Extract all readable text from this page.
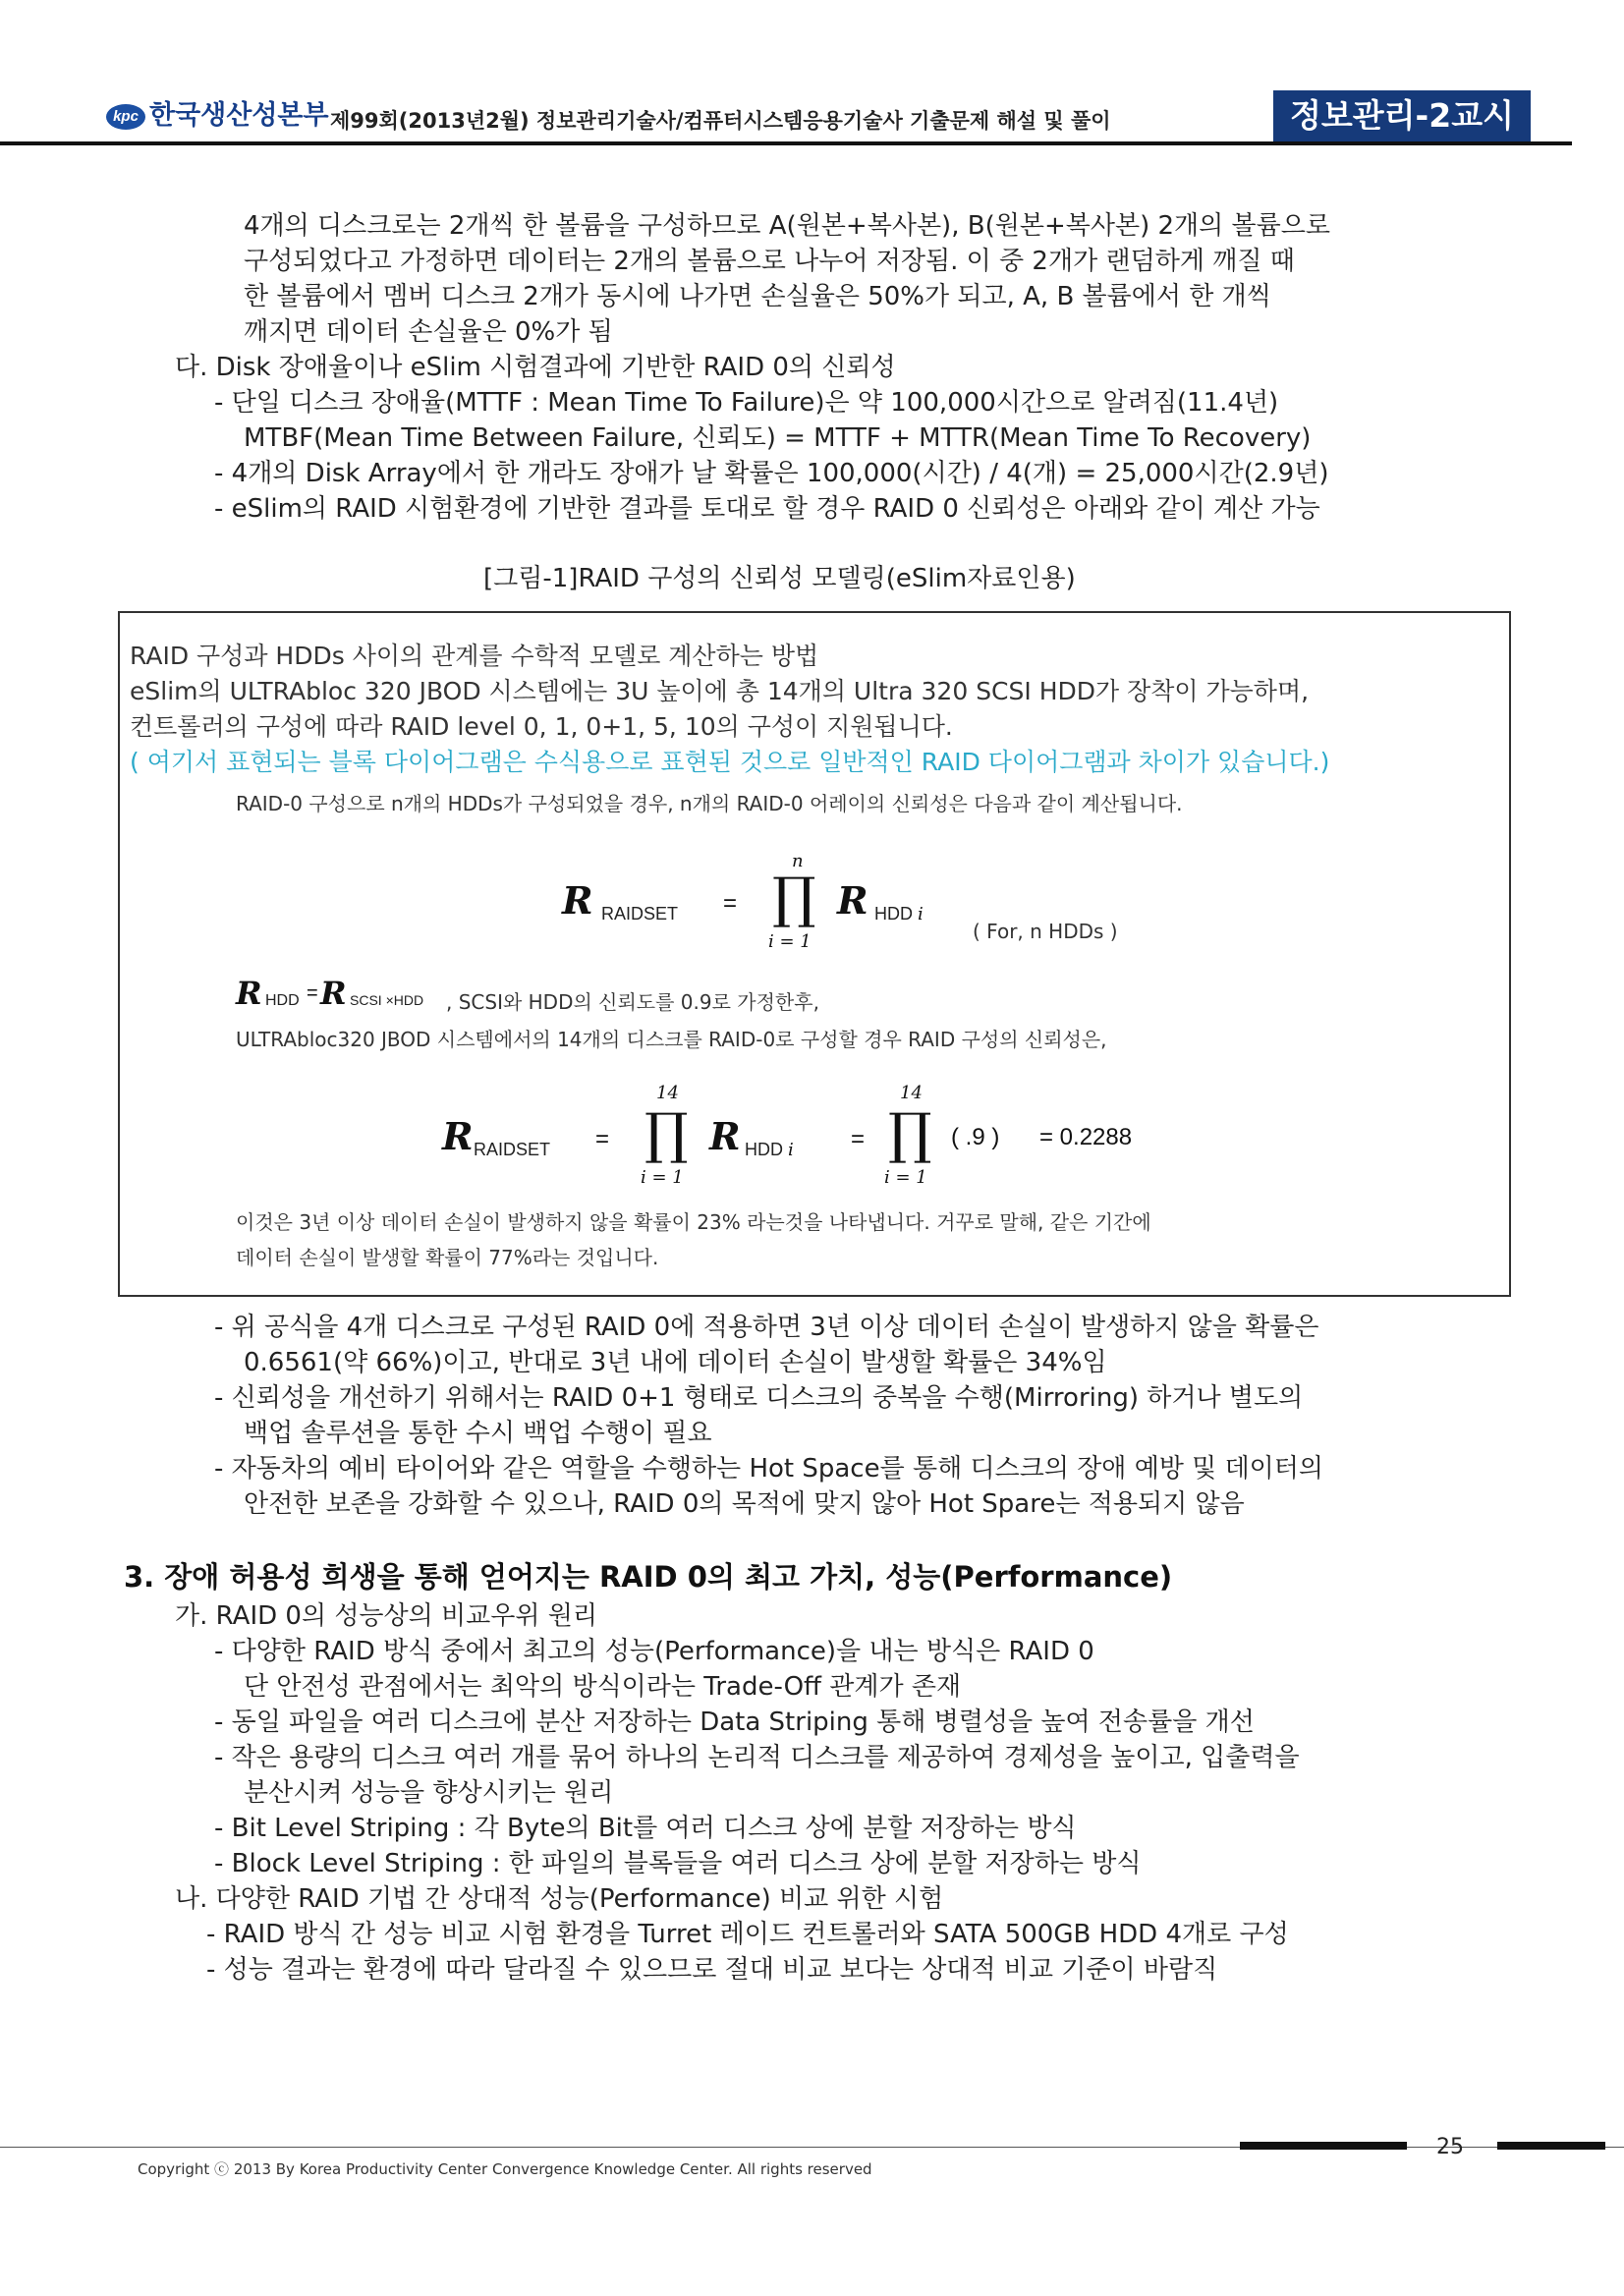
kpc 한국생산성본부 제99회(2013년2월) 정보관리기술사/컴퓨터시스템응용기술사 기출문제 해설 및 풀이	정보관리-2교시
4개의 디스크로는 2개씩 한 볼륨을 구성하므로 A(원본+복사본), B(원본+복사본) 2개의 볼륨으로
구성되었다고 가정하면 데이터는 2개의 볼륨으로 나누어 저장됨. 이 중 2개가 랜덤하게 깨질 때
한 볼륨에서 멤버 디스크 2개가 동시에 나가면 손실율은 50%가 되고, A, B 볼륨에서 한 개씩
깨지면 데이터 손실율은 0%가 됨
다. Disk 장애율이나 eSlim 시험결과에 기반한 RAID 0의 신뢰성
- 단일 디스크 장애율(MTTF : Mean Time To Failure)은 약 100,000시간으로 알려짐(11.4년)
MTBF(Mean Time Between Failure, 신뢰도) = MTTF + MTTR(Mean Time To Recovery)
- 4개의 Disk Array에서 한 개라도 장애가 날 확률은 100,000(시간) / 4(개) = 25,000시간(2.9년)
- eSlim의 RAID 시험환경에 기반한 결과를 토대로 할 경우 RAID 0 신뢰성은 아래와 같이 계산 가능
[그림-1]RAID 구성의 신뢰성 모델링(eSlim자료인용)
RAID 구성과 HDDs 사이의 관계를 수학적 모델로 계산하는 방법
eSlim의 ULTRAbloc 320 JBOD 시스템에는 3U 높이에 총 14개의 Ultra 320 SCSI HDD가 장착이 가능하며,
컨트롤러의 구성에 따라 RAID level 0, 1, 0+1, 5, 10의 구성이 지원됩니다.
( 여기서 표현되는 블록 다이어그램은 수식용으로 표현된 것으로 일반적인 RAID 다이어그램과 차이가 있습니다.)
RAID-0 구성으로 n개의 HDDs가 구성되었을 경우, n개의 RAID-0 어레이의 신뢰성은 다음과 같이 계산됩니다.
R RAIDSET =
n
∏
i = 1
R HDD i
( For, n HDDs )
R HDD = R SCSI ×HDD , SCSI와 HDD의 신뢰도를 0.9로 가정한후,
ULTRAbloc320 JBOD 시스템에서의 14개의 디스크를 RAID-0로 구성할 경우 RAID 구성의 신뢰성은,
R RAIDSET =
14
∏
i = 1
R HDD i =
14
∏
i = 1
( .9 ) = 0.2288
이것은 3년 이상 데이터 손실이 발생하지 않을 확률이 23% 라는것을 나타냅니다. 거꾸로 말해, 같은 기간에
데이터 손실이 발생할 확률이 77%라는 것입니다.
- 위 공식을 4개 디스크로 구성된 RAID 0에 적용하면 3년 이상 데이터 손실이 발생하지 않을 확률은
0.6561(약 66%)이고, 반대로 3년 내에 데이터 손실이 발생할 확률은 34%임
- 신뢰성을 개선하기 위해서는 RAID 0+1 형태로 디스크의 중복을 수행(Mirroring) 하거나 별도의
백업 솔루션을 통한 수시 백업 수행이 필요
- 자동차의 예비 타이어와 같은 역할을 수행하는 Hot Space를 통해 디스크의 장애 예방 및 데이터의
안전한 보존을 강화할 수 있으나, RAID 0의 목적에 맞지 않아 Hot Spare는 적용되지 않음
3. 장애 허용성 희생을 통해 얻어지는 RAID 0의 최고 가치, 성능(Performance)
가. RAID 0의 성능상의 비교우위 원리
- 다양한 RAID 방식 중에서 최고의 성능(Performance)을 내는 방식은 RAID 0
단 안전성 관점에서는 최악의 방식이라는 Trade-Off 관계가 존재
- 동일 파일을 여러 디스크에 분산 저장하는 Data Striping 통해 병렬성을 높여 전송률을 개선
- 작은 용량의 디스크 여러 개를 묶어 하나의 논리적 디스크를 제공하여 경제성을 높이고, 입출력을
분산시켜 성능을 향상시키는 원리
- Bit Level Striping : 각 Byte의 Bit를 여러 디스크 상에 분할 저장하는 방식
- Block Level Striping : 한 파일의 블록들을 여러 디스크 상에 분할 저장하는 방식
나. 다양한 RAID 기법 간 상대적 성능(Performance) 비교 위한 시험
- RAID 방식 간 성능 비교 시험 환경을 Turret 레이드 컨트롤러와 SATA 500GB HDD 4개로 구성
- 성능 결과는 환경에 따라 달라질 수 있으므로 절대 비교 보다는 상대적 비교 기준이 바람직
25
Copyright ⓒ 2013 By Korea Productivity Center Convergence Knowledge Center. All rights reserved
